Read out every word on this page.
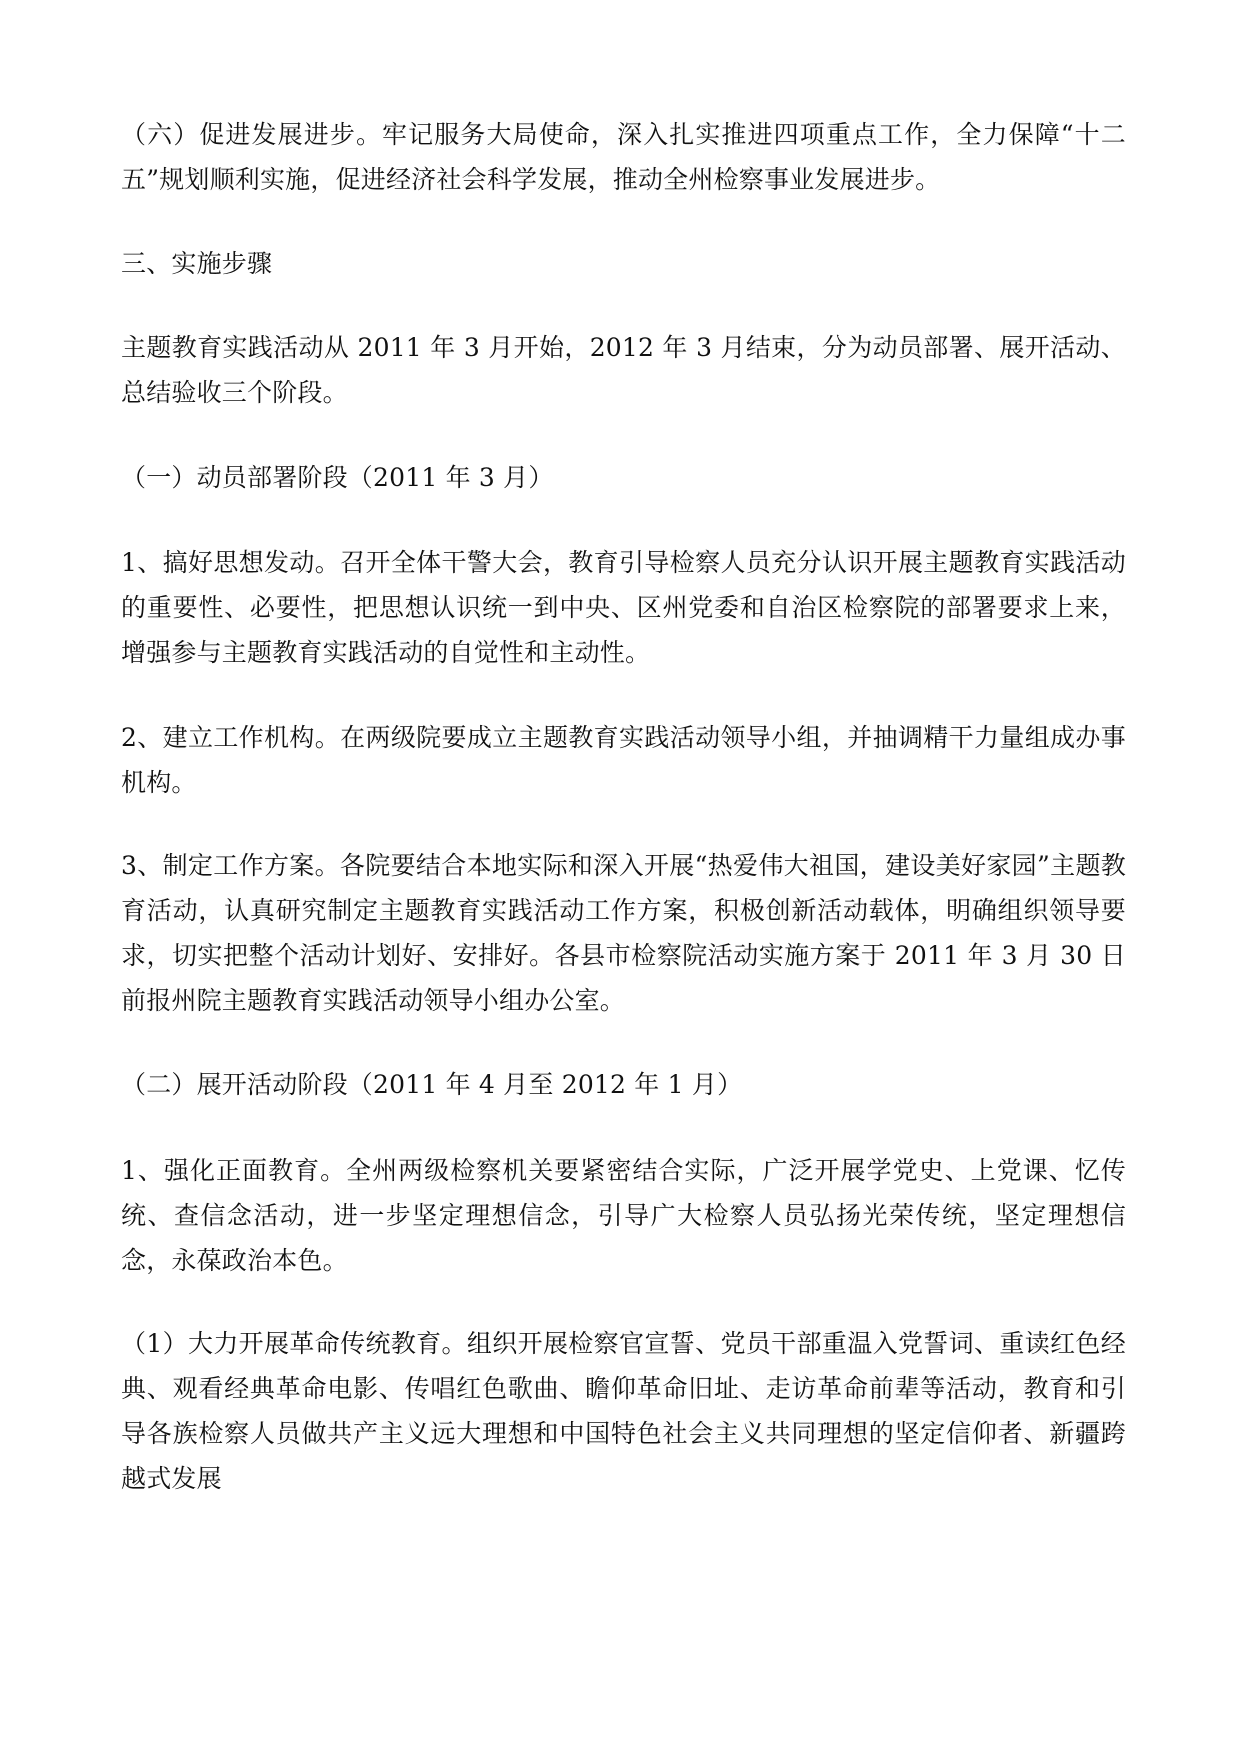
（六）促进发展进步。牢记服务大局使命，深入扎实推进四项重点工作，全力保障“十二五”规划顺利实施，促进经济社会科学发展，推动全州检察事业发展进步。
三、实施步骤
主题教育实践活动从 2011 年 3 月开始，2012 年 3 月结束，分为动员部署、展开活动、总结验收三个阶段。
（一）动员部署阶段（2011 年 3 月）
1、搞好思想发动。召开全体干警大会，教育引导检察人员充分认识开展主题教育实践活动的重要性、必要性，把思想认识统一到中央、区州党委和自治区检察院的部署要求上来，增强参与主题教育实践活动的自觉性和主动性。
2、建立工作机构。在两级院要成立主题教育实践活动领导小组，并抽调精干力量组成办事机构。
3、制定工作方案。各院要结合本地实际和深入开展“热爱伟大祖国，建设美好家园”主题教育活动，认真研究制定主题教育实践活动工作方案，积极创新活动载体，明确组织领导要求，切实把整个活动计划好、安排好。各县市检察院活动实施方案于 2011 年 3 月 30 日前报州院主题教育实践活动领导小组办公室。
（二）展开活动阶段（2011 年 4 月至 2012 年 1 月）
1、强化正面教育。全州两级检察机关要紧密结合实际，广泛开展学党史、上党课、忆传统、查信念活动，进一步坚定理想信念，引导广大检察人员弘扬光荣传统，坚定理想信念，永葆政治本色。
（1）大力开展革命传统教育。组织开展检察官宣誓、党员干部重温入党誓词、重读红色经典、观看经典革命电影、传唱红色歌曲、瞻仰革命旧址、走访革命前辈等活动，教育和引导各族检察人员做共产主义远大理想和中国特色社会主义共同理想的坚定信仰者、新疆跨越式发展
